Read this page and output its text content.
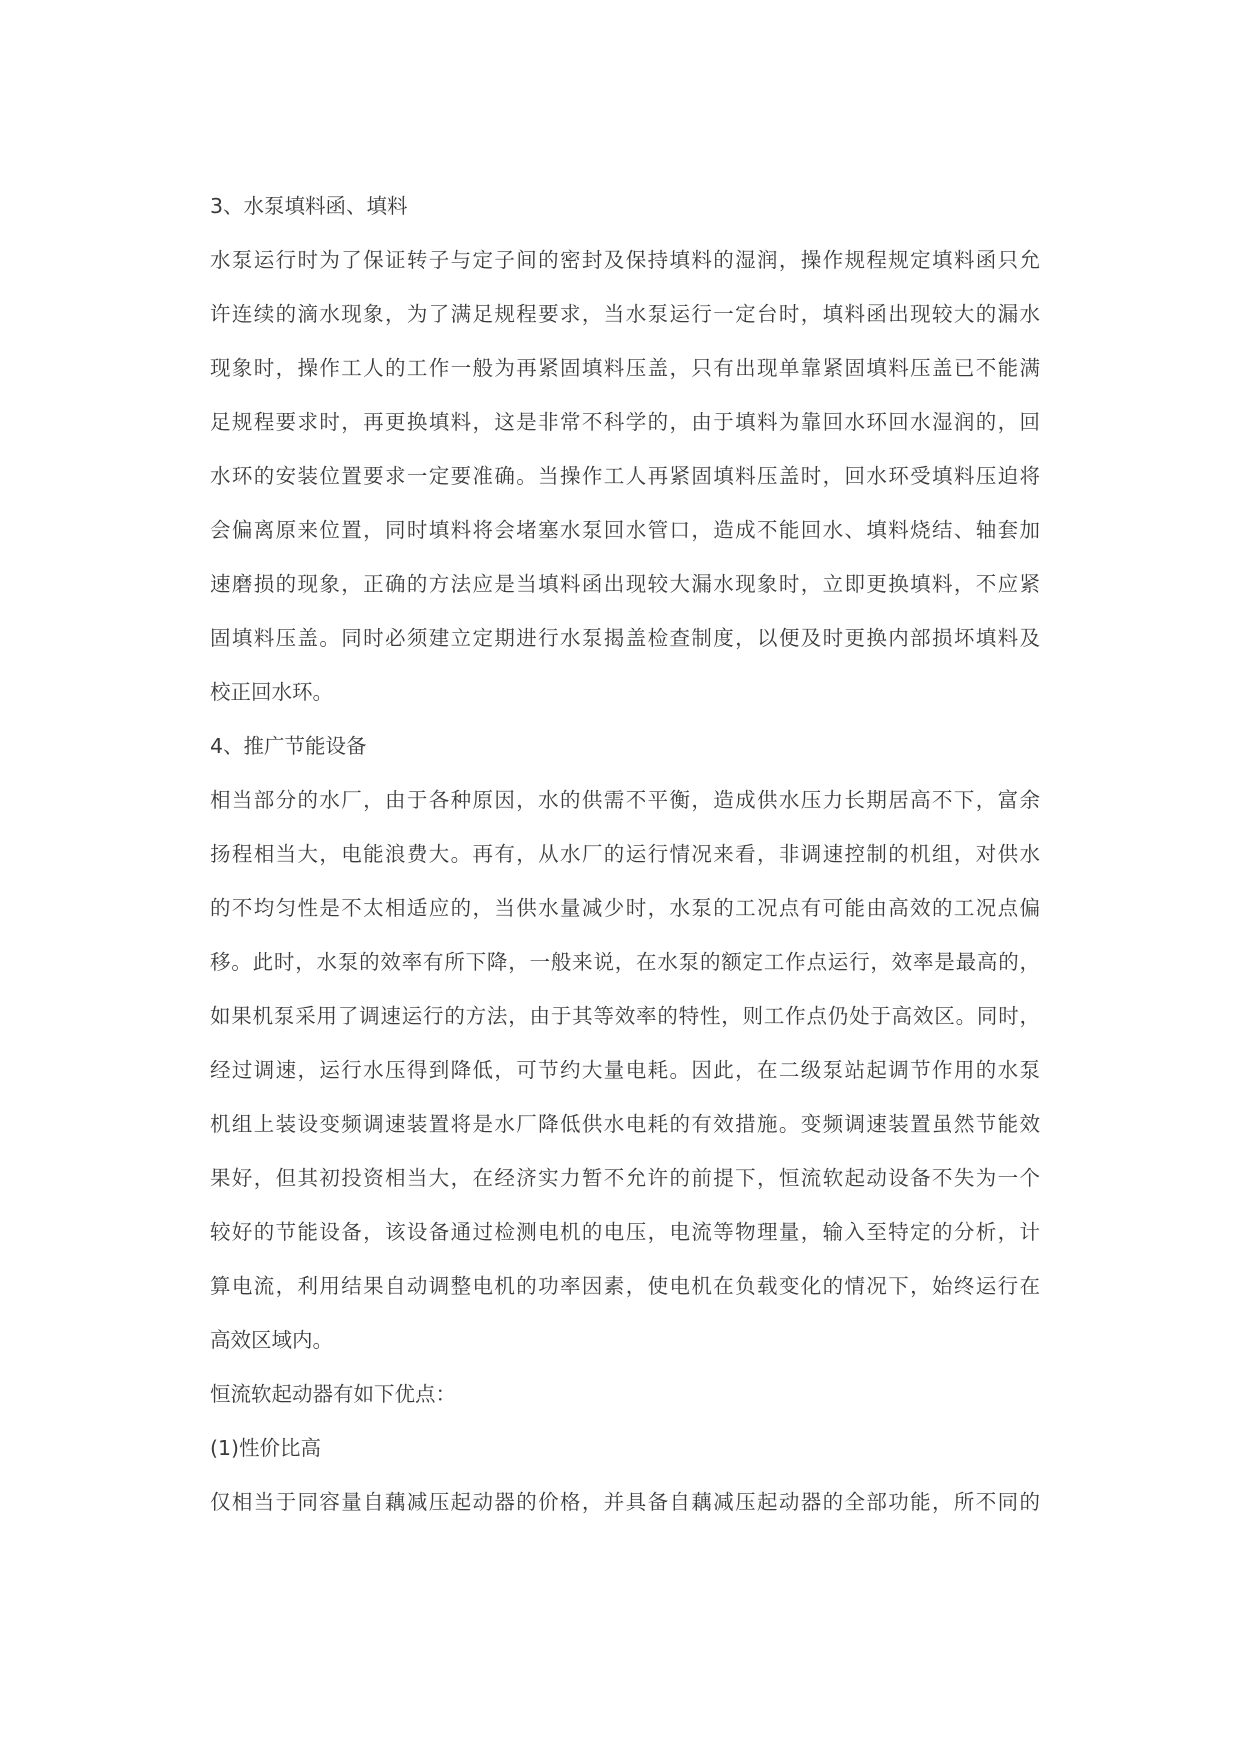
3、水泵填料函、填料
水泵运行时为了保证转子与定子间的密封及保持填料的湿润，操作规程规定填料函只允
许连续的滴水现象，为了满足规程要求，当水泵运行一定台时，填料函出现较大的漏水
现象时，操作工人的工作一般为再紧固填料压盖，只有出现单靠紧固填料压盖已不能满
足规程要求时，再更换填料，这是非常不科学的，由于填料为靠回水环回水湿润的，回
水环的安装位置要求一定要准确。当操作工人再紧固填料压盖时，回水环受填料压迫将
会偏离原来位置，同时填料将会堵塞水泵回水管口，造成不能回水、填料烧结、轴套加
速磨损的现象，正确的方法应是当填料函出现较大漏水现象时，立即更换填料，不应紧
固填料压盖。同时必须建立定期进行水泵揭盖检查制度，以便及时更换内部损坏填料及
校正回水环。
4、推广节能设备
相当部分的水厂，由于各种原因，水的供需不平衡，造成供水压力长期居高不下，富余
扬程相当大，电能浪费大。再有，从水厂的运行情况来看，非调速控制的机组，对供水
的不均匀性是不太相适应的，当供水量减少时，水泵的工况点有可能由高效的工况点偏
移。此时，水泵的效率有所下降，一般来说，在水泵的额定工作点运行，效率是最高的，
如果机泵采用了调速运行的方法，由于其等效率的特性，则工作点仍处于高效区。同时，
经过调速，运行水压得到降低，可节约大量电耗。因此，在二级泵站起调节作用的水泵
机组上装设变频调速装置将是水厂降低供水电耗的有效措施。变频调速装置虽然节能效
果好，但其初投资相当大，在经济实力暂不允许的前提下，恒流软起动设备不失为一个
较好的节能设备，该设备通过检测电机的电压，电流等物理量，输入至特定的分析，计
算电流，利用结果自动调整电机的功率因素，使电机在负载变化的情况下，始终运行在
高效区域内。
恒流软起动器有如下优点：
(1)性价比高
仅相当于同容量自藕减压起动器的价格，并具备自藕减压起动器的全部功能，所不同的
